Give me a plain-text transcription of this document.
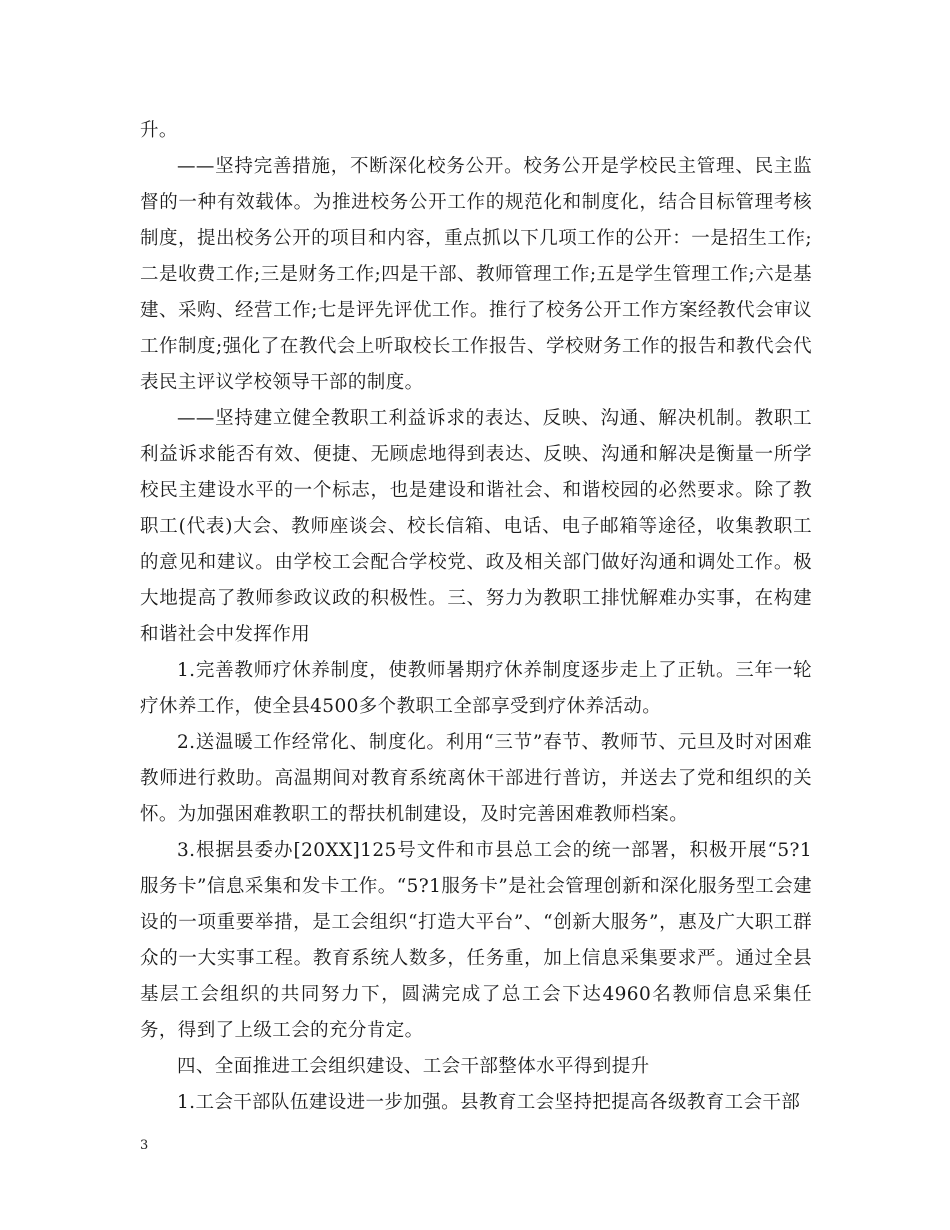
升。

——坚持完善措施，不断深化校务公开。校务公开是学校民主管理、民主监督的一种有效载体。为推进校务公开工作的规范化和制度化，结合目标管理考核制度，提出校务公开的项目和内容，重点抓以下几项工作的公开：一是招生工作;二是收费工作;三是财务工作;四是干部、教师管理工作;五是学生管理工作;六是基建、采购、经营工作;七是评先评优工作。推行了校务公开工作方案经教代会审议工作制度;强化了在教代会上听取校长工作报告、学校财务工作的报告和教代会代表民主评议学校领导干部的制度。

——坚持建立健全教职工利益诉求的表达、反映、沟通、解决机制。教职工利益诉求能否有效、便捷、无顾虑地得到表达、反映、沟通和解决是衡量一所学校民主建设水平的一个标志，也是建设和谐社会、和谐校园的必然要求。除了教职工(代表)大会、教师座谈会、校长信箱、电话、电子邮箱等途径，收集教职工的意见和建议。由学校工会配合学校党、政及相关部门做好沟通和调处工作。极大地提高了教师参政议政的积极性。三、努力为教职工排忧解难办实事，在构建和谐社会中发挥作用

1.完善教师疗休养制度，使教师暑期疗休养制度逐步走上了正轨。三年一轮疗休养工作，使全县4500多个教职工全部享受到疗休养活动。

2.送温暖工作经常化、制度化。利用“三节”春节、教师节、元旦及时对困难教师进行救助。高温期间对教育系统离休干部进行普访，并送去了党和组织的关怀。为加强困难教职工的帮扶机制建设，及时完善困难教师档案。

3.根据县委办[20XX]125号文件和市县总工会的统一部署，积极开展“5?1服务卡”信息采集和发卡工作。“5?1服务卡”是社会管理创新和深化服务型工会建设的一项重要举措，是工会组织“打造大平台”、“创新大服务”，惠及广大职工群众的一大实事工程。教育系统人数多，任务重，加上信息采集要求严。通过全县基层工会组织的共同努力下，圆满完成了总工会下达4960名教师信息采集任务，得到了上级工会的充分肯定。

四、全面推进工会组织建设、工会干部整体水平得到提升

1.工会干部队伍建设进一步加强。县教育工会坚持把提高各级教育工会干部

3
